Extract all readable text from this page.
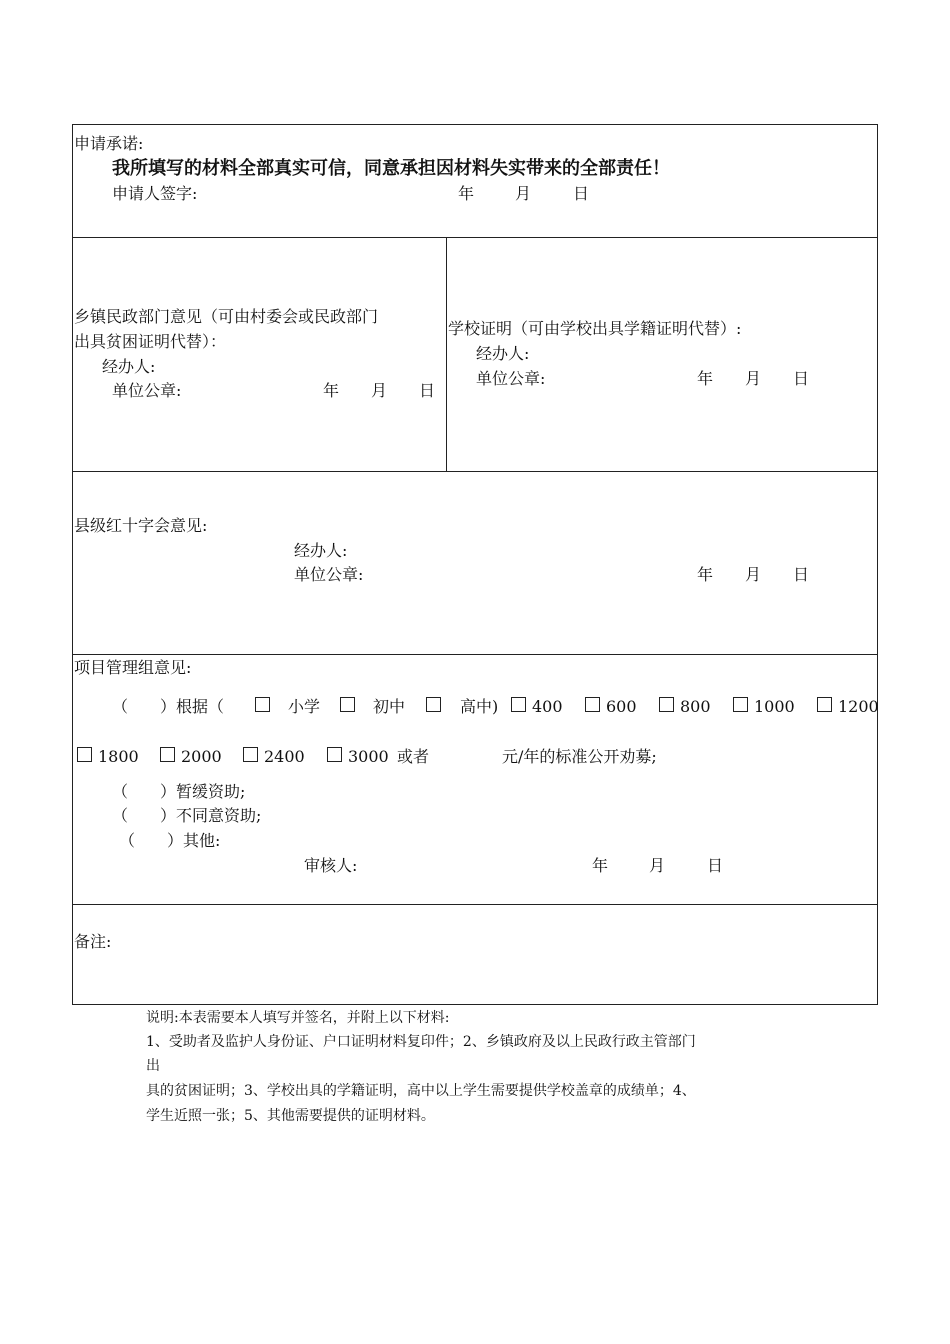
申请承诺:
我所填写的材料全部真实可信，同意承担因材料失实带来的全部责任！
申请人签字:	年	月	日
乡镇民政部门意见（可由村委会或民政部门
出具贫困证明代替）：
经办人:
单位公章:	年 月 日
学校证明（可由学校出具学籍证明代替）:
经办人:
单位公章:	年 月 日
县级红十字会意见:
经办人:
单位公章:	年 月 日
项目管理组意见:
（　　）根据（	小学	初中	高中) 400	600	800	1000	1200
1800	2000	2400	3000 或者	元/年的标准公开劝募;
（　　）暂缓资助;
（　　）不同意资助;
（　　）其他:
审核人:	年	月	日
备注:
说明:本表需要本人填写并签名，并附上以下材料:
1、受助者及监护人身份证、户口证明材料复印件；2、乡镇政府及以上民政行政主管部门
出
具的贫困证明；3、学校出具的学籍证明，高中以上学生需要提供学校盖章的成绩单；4、
学生近照一张；5、其他需要提供的证明材料。
